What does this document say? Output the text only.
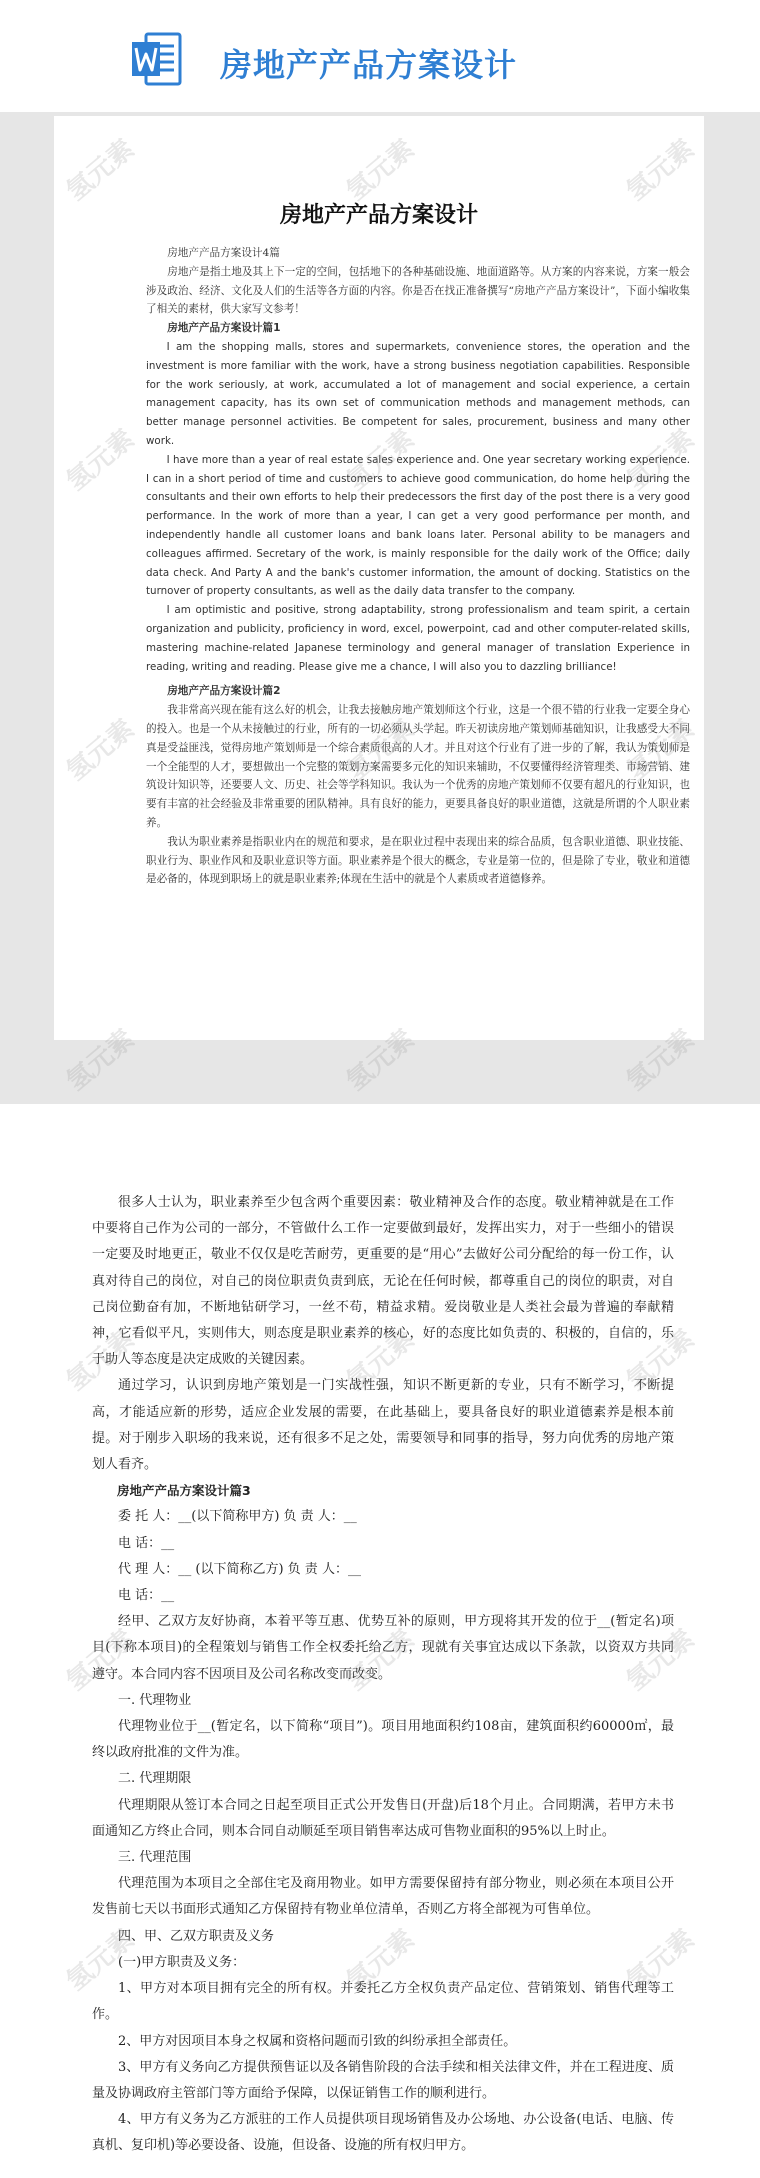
房地产产品方案设计
房地产产品方案设计

房地产产品方案设计4篇

房地产是指土地及其上下一定的空间，包括地下的各种基础设施、地面道路等。从方案的内容来说，方案一般会涉及政治、经济、文化及人们的生活等各方面的内容。你是否在找正准备撰写“房地产产品方案设计”，下面小编收集了相关的素材，供大家写文参考！

房地产产品方案设计篇1

I am the shopping malls, stores and supermarkets, convenience stores, the operation and the investment is more familiar with the work, have a strong business negotiation capabilities. Responsible for the work seriously, at work, accumulated a lot of management and social experience, a certain management capacity, has its own set of communication methods and management methods, can better manage personnel activities. Be competent for sales, procurement, business and many other work.

I have more than a year of real estate sales experience and. One year secretary working experience. I can in a short period of time and customers to achieve good communication, do home help during the consultants and their own efforts to help their predecessors the first day of the post there is a very good performance. In the work of more than a year, I can get a very good performance per month, and independently handle all customer loans and bank loans later. Personal ability to be managers and colleagues affirmed. Secretary of the work, is mainly responsible for the daily work of the Office; daily data check. And Party A and the bank's customer information, the amount of docking. Statistics on the turnover of property consultants, as well as the daily data transfer to the company.

I am optimistic and positive, strong adaptability, strong professionalism and team spirit, a certain organization and publicity, proficiency in word, excel, powerpoint, cad and other computer-related skills, mastering machine-related Japanese terminology and general manager of translation Experience in reading, writing and reading. Please give me a chance, I will also you to dazzling brilliance!

房地产产品方案设计篇2

我非常高兴现在能有这么好的机会，让我去接触房地产策划师这个行业，这是一个很不错的行业我一定要全身心的投入。也是一个从未接触过的行业，所有的一切必须从头学起。昨天初读房地产策划师基础知识，让我感受大不同真是受益匪浅，觉得房地产策划师是一个综合素质很高的人才。并且对这个行业有了进一步的了解，我认为策划师是一个全能型的人才，要想做出一个完整的策划方案需要多元化的知识来辅助，不仅要懂得经济管理类、市场营销、建筑设计知识等，还要要人文、历史、社会等学科知识。我认为一个优秀的房地产策划师不仅要有超凡的行业知识，也要有丰富的社会经验及非常重要的团队精神。具有良好的能力，更要具备良好的职业道德，这就是所谓的个人职业素养。

我认为职业素养是指职业内在的规范和要求，是在职业过程中表现出来的综合品质，包含职业道德、职业技能、职业行为、职业作风和及职业意识等方面。职业素养是个很大的概念，专业是第一位的，但是除了专业，敬业和道德是必备的，体现到职场上的就是职业素养;体现在生活中的就是个人素质或者道德修养。

很多人士认为，职业素养至少包含两个重要因素：敬业精神及合作的态度。敬业精神就是在工作中要将自己作为公司的一部分，不管做什么工作一定要做到最好，发挥出实力，对于一些细小的错误一定要及时地更正，敬业不仅仅是吃苦耐劳，更重要的是“用心”去做好公司分配给的每一份工作，认真对待自己的岗位，对自己的岗位职责负责到底，无论在任何时候，都尊重自己的岗位的职责，对自己岗位勤奋有加，不断地钻研学习，一丝不苟，精益求精。爱岗敬业是人类社会最为普遍的奉献精神，它看似平凡，实则伟大，则态度是职业素养的核心，好的态度比如负责的、积极的，自信的，乐于助人等态度是决定成败的关键因素。

通过学习，认识到房地产策划是一门实战性强，知识不断更新的专业，只有不断学习，不断提高，才能适应新的形势，适应企业发展的需要，在此基础上，要具备良好的职业道德素养是根本前提。对于刚步入职场的我来说，还有很多不足之处，需要领导和同事的指导，努力向优秀的房地产策划人看齐。

房地产产品方案设计篇3

委 托 人：__(以下简称甲方) 负 责 人：__

电 话：__

代 理 人：__ (以下简称乙方) 负 责 人：__

电 话：__

经甲、乙双方友好协商，本着平等互惠、优势互补的原则，甲方现将其开发的位于__(暂定名)项目(下称本项目)的全程策划与销售工作全权委托给乙方，现就有关事宜达成以下条款，以资双方共同遵守。本合同内容不因项目及公司名称改变而改变。

一. 代理物业

代理物业位于__(暂定名，以下简称“项目”)。项目用地面积约108亩，建筑面积约60000㎡，最终以政府批准的文件为准。

二. 代理期限

代理期限从签订本合同之日起至项目正式公开发售日(开盘)后18个月止。合同期满，若甲方未书面通知乙方终止合同，则本合同自动顺延至项目销售率达成可售物业面积的95%以上时止。

三. 代理范围

代理范围为本项目之全部住宅及商用物业。如甲方需要保留持有部分物业，则必须在本项目公开发售前七天以书面形式通知乙方保留持有物业单位清单，否则乙方将全部视为可售单位。

四、甲、乙双方职责及义务

(一)甲方职责及义务：

1、甲方对本项目拥有完全的所有权。并委托乙方全权负责产品定位、营销策划、销售代理等工作。

2、甲方对因项目本身之权属和资格问题而引致的纠纷承担全部责任。

3、甲方有义务向乙方提供预售证以及各销售阶段的合法手续和相关法律文件，并在工程进度、质量及协调政府主管部门等方面给予保障，以保证销售工作的顺利进行。

4、甲方有义务为乙方派驻的工作人员提供项目现场销售及办公场地、办公设备(电话、电脑、传真机、复印机)等必要设备、设施，但设备、设施的所有权归甲方。

氢元素	氢元素	氢元素
氢元素	氢元素	氢元素
氢元素	氢元素	氢元素
氢元素	氢元素	氢元素
氢元素	氢元素	氢元素
氢元素	氢元素	氢元素
氢元素	氢元素	氢元素
